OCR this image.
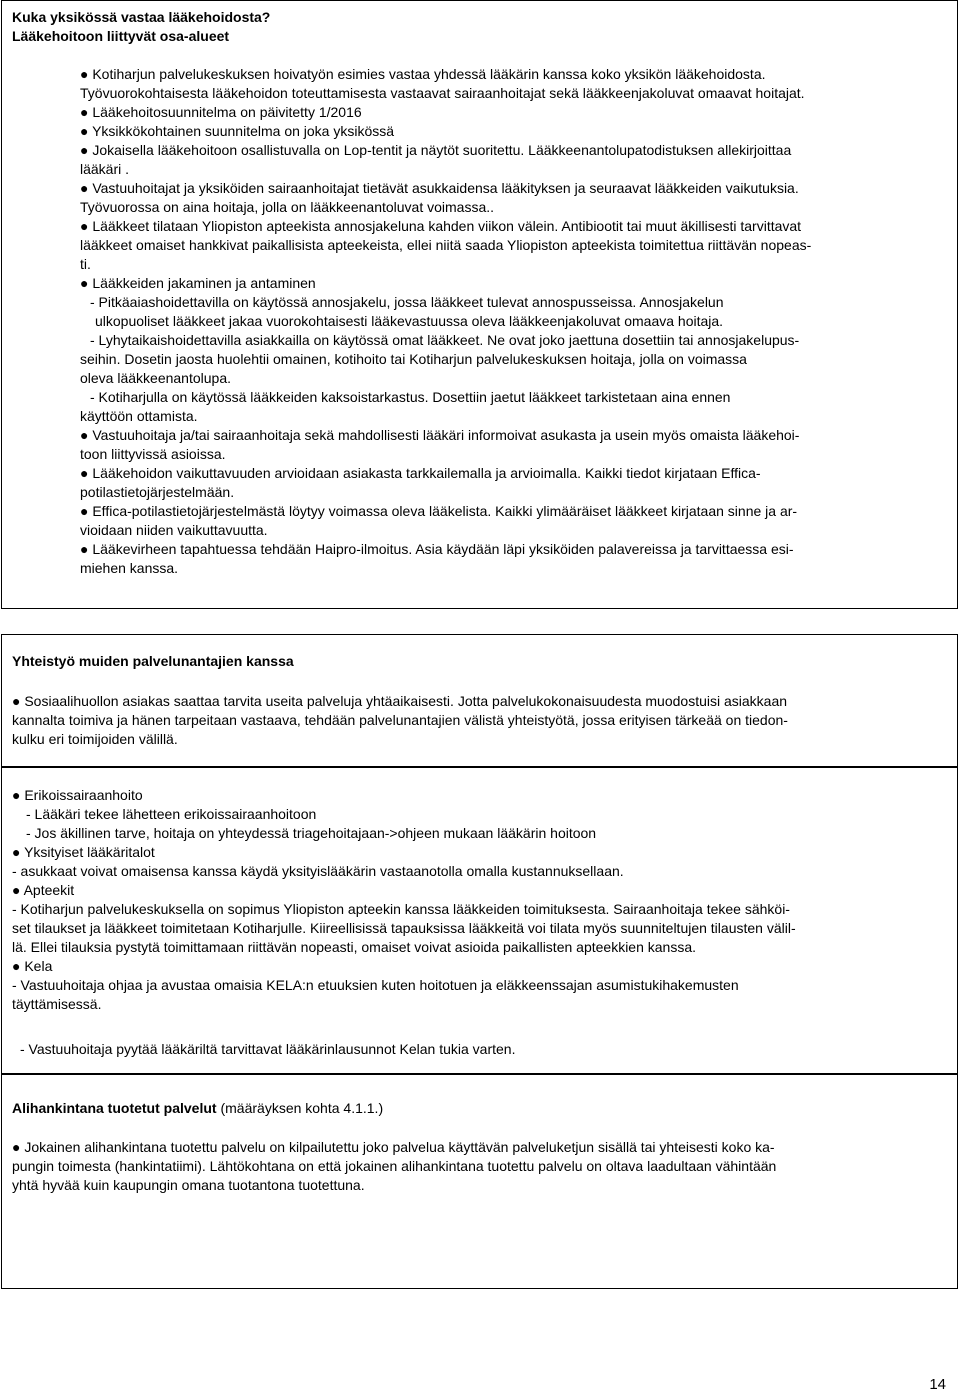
Kuka yksikössä vastaa lääkehoidosta?
Lääkehoitoon liittyvät osa-alueet
● Kotiharjun palvelukeskuksen hoivatyön esimies vastaa yhdessä lääkärin kanssa koko yksikön lääkehoidosta.
Työvuorokohtaisesta lääkehoidon toteuttamisesta vastaavat sairaanhoitajat sekä lääkkeenjakoluvat omaavat hoitajat.
● Lääkehoitosuunnitelma on päivitetty 1/2016
● Yksikkökohtainen suunnitelma on joka yksikössä
● Jokaisella lääkehoitoon osallistuvalla on Lop-tentit ja näytöt suoritettu. Lääkkeenantolupatodistuksen allekirjoittaa
lääkäri .
● Vastuuhoitajat ja yksiköiden sairaanhoitajat tietävät asukkaidensa lääkityksen ja seuraavat lääkkeiden vaikutuksia.
Työvuorossa on aina hoitaja, jolla on lääkkeenantoluvat voimassa..
● Lääkkeet tilataan Yliopiston apteekista annosjakeluna kahden viikon välein. Antibiootit tai muut äkillisesti tarvittavat
lääkkeet omaiset hankkivat paikallisista apteekeista, ellei niitä saada Yliopiston apteekista toimitettua riittävän nopeas-
ti.
● Lääkkeiden jakaminen ja antaminen
- Pitkäaiashoidettavilla on käytössä annosjakelu, jossa lääkkeet tulevat annospusseissa. Annosjakelun
ulkopuoliset lääkkeet jakaa vuorokohtaisesti lääkevastuussa oleva lääkkeenjakoluvat omaava hoitaja.
- Lyhytaikaishoidettavilla asiakkailla on käytössä omat lääkkeet. Ne ovat joko jaettuna dosettiin tai annosjakelupus-
seihin. Dosetin jaosta huolehtii omainen, kotihoito tai Kotiharjun palvelukeskuksen hoitaja, jolla on voimassa
oleva lääkkeenantolupa.
- Kotiharjulla on käytössä lääkkeiden kaksoistarkastus. Dosettiin jaetut lääkkeet tarkistetaan aina ennen
käyttöön ottamista.
● Vastuuhoitaja ja/tai sairaanhoitaja sekä mahdollisesti lääkäri informoivat asukasta ja usein myös omaista lääkehoi-
toon liittyvissä asioissa.
● Lääkehoidon vaikuttavuuden arvioidaan asiakasta tarkkailemalla ja arvioimalla. Kaikki tiedot kirjataan Effica-
potilastietojärjestelmään.
● Effica-potilastietojärjestelmästä löytyy voimassa oleva lääkelista. Kaikki ylimääräiset lääkkeet kirjataan sinne ja ar-
vioidaan niiden vaikuttavuutta.
● Lääkevirheen tapahtuessa tehdään Haipro-ilmoitus. Asia käydään läpi yksiköiden palavereissa ja tarvittaessa esi-
miehen kanssa.
Yhteistyö muiden palvelunantajien kanssa
● Sosiaalihuollon asiakas saattaa tarvita useita palveluja yhtäaikaisesti. Jotta palvelukokonaisuudesta muodostuisi asiakkaan
kannalta toimiva ja hänen tarpeitaan vastaava, tehdään palvelunantajien välistä yhteistyötä, jossa erityisen tärkeää on tiedon-
kulku eri toimijoiden välillä.
● Erikoissairaanhoito
- Lääkäri tekee lähetteen erikoissairaanhoitoon
- Jos äkillinen tarve, hoitaja on yhteydessä triagehoitajaan->ohjeen mukaan lääkärin hoitoon
● Yksityiset lääkäritalot
- asukkaat voivat omaisensa kanssa käydä yksityislääkärin vastaanotolla omalla kustannuksellaan.
● Apteekit
- Kotiharjun palvelukeskuksella on sopimus Yliopiston apteekin kanssa lääkkeiden toimituksesta. Sairaanhoitaja tekee sähköi-
set tilaukset ja lääkkeet toimitetaan Kotiharjulle. Kiireellisissä tapauksissa lääkkeitä voi tilata myös suunniteltujen tilausten välil-
lä. Ellei tilauksia pystytä toimittamaan riittävän nopeasti, omaiset voivat asioida paikallisten apteekkien kanssa.
● Kela
- Vastuuhoitaja ohjaa ja avustaa omaisia KELA:n etuuksien kuten hoitotuen ja eläkkeenssajan asumistukihakemusten
täyttämisessä.
- Vastuuhoitaja pyytää lääkäriltä tarvittavat lääkärinlausunnot Kelan tukia varten.
Alihankintana tuotetut palvelut (määräyksen kohta 4.1.1.)
● Jokainen alihankintana tuotettu palvelu on kilpailutettu joko palvelua käyttävän palveluketjun sisällä tai yhteisesti koko ka-
pungin toimesta (hankintatiimi). Lähtökohtana on että jokainen alihankintana tuotettu palvelu on oltava laadultaan vähintään
yhtä hyvää kuin kaupungin omana tuotantona tuotettuna.
14
